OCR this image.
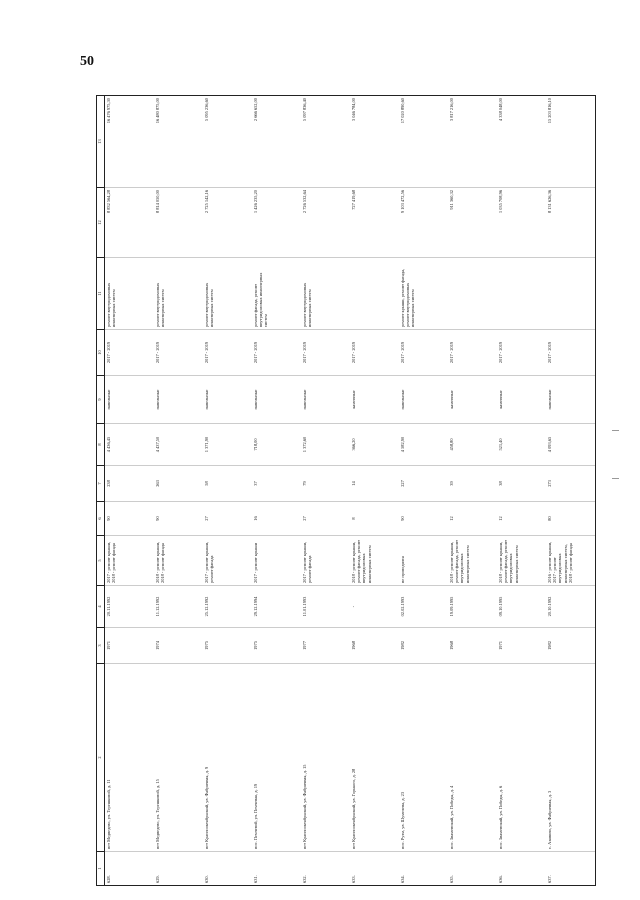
50
1	2	3	4	5	6	7	8	9	10	11	12	13
628.	пгт Медведево, ул. Терешковой, д. 11	1971	20.11.1992	2017 - ремонт крыши, 2018 - ремонт фасада	90	238	4 436,45	панельные	2017 - 2019	ремонт внутридомовых инженерных систем	8 832 564,28	16 476 975,30
629.	пгт Медведево, ул. Терешковой, д. 15	1974	11.12.1992	2018 - ремонт крыши, 2018 - ремонт фасада	90	263	4 437,50	панельные	2017 - 2019	ремонт внутридомовых инженерных систем	8 814 050,00	16 480 875,00
630.	пгт Краснооктябрьский, ул. Фабричная, д. 9	1975	25.12.1992	2017 - ремонт крыши, ремонт фасада	27	58	1 371,90	панельные	2017 - 2019	ремонт внутридомовых инженерных систем	2 725 142,16	5 095 236,60
631.	пос. Пемчевой, ул. Пемчевая, д. 19	1975	29.12.1994	2017 - ремонт крыши	16	37	718,00	панельные	2017 - 2019	ремонт фасада, ремонт внутридомовых инженерных систем	1 426 235,20	2 666 652,00
632.	пгт Краснооктябрьский, ул. Фабричная, д. 15	1977	11.01.1993	2017 - ремонт крыши, ремонт фасада	27	79	1 372,60	панельные	2017 - 2019	ремонт внутридомовых инженерных систем	2 726 532,64	5 097 836,40
633.	пгт Краснооктябрьский, ул. Горького, д. 28	1968	-	2018 - ремонт крыши, ремонт фасада, ремонт внутридомовых инженерных систем	8	14	366,20	каменные	2017 - 2019		727 419,68	3 046 784,00
634.	пос. Руэм, ул. Шумелева, д. 23	1982	02.02.1993	не проводился	90	227	4 582,90	панельные	2017 - 2019	ремонт крыши, ремонт фасада, ремонт внутридомовых инженерных систем	9 103 472,56	17 020 890,60
635.	пос. Знаменский, ул. Победы, д. 4	1968	19.09.1995	2018 - ремонт крыши, ремонт фасада, ремонт внутридомовых инженерных систем	12	39	458,80	каменные	2017 - 2019		911 360,32	3 817 216,00
636.	пос. Знаменский, ул. Победы, д. 6	1971	09.10.1995	2018 - ремонт крыши, ремонт фасада, ремонт внутридомовых инженерных систем	12	38	521,40	каменные	2017 - 2019		1 035 708,96	4 338 048,00
637.	с. Азявино, ул. Фабричная, д. 3	1982	20.10.1992	2016 - ремонт крыши, 2017 - ремонт внутридомовых инженерных систем, 2018 - ремонт фасада	80	273	4 093,65	панельные	2017 - 2019		8 131 626,36	15 203 816,10
